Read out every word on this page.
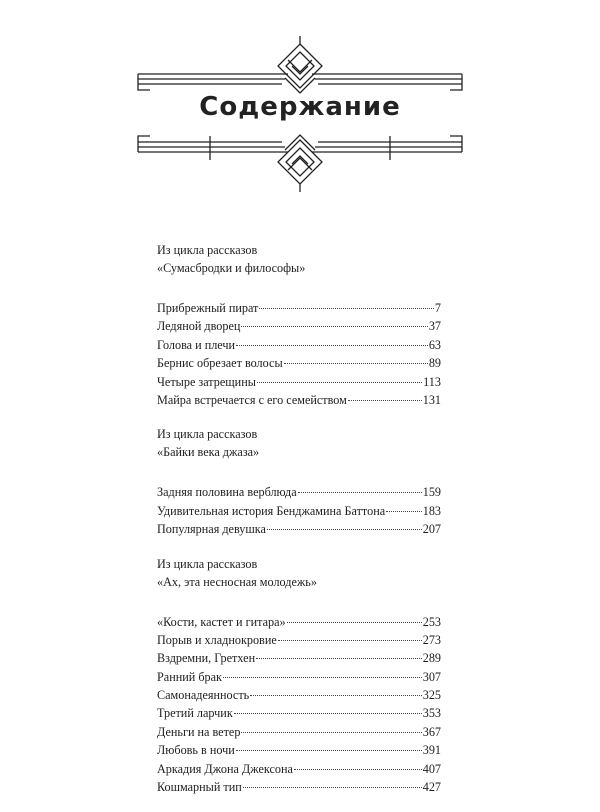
Содержание
Из цикла рассказов
«Сумасбродки и философы»
Прибрежный пират	7
Ледяной дворец	37
Голова и плечи	63
Бернис обрезает волосы	89
Четыре затрещины	113
Майра встречается с его семейством	131
Из цикла рассказов
«Байки века джаза»
Задняя половина верблюда	159
Удивительная история Бенджамина Баттона	183
Популярная девушка	207
Из цикла рассказов
«Ах, эта несносная молодежь»
«Кости, кастет и гитара»	253
Порыв и хладнокровие	273
Вздремни, Гретхен	289
Ранний брак	307
Самонадеянность	325
Третий ларчик	353
Деньги на ветер	367
Любовь в ночи	391
Аркадия Джона Джексона	407
Кошмарный тип	427
